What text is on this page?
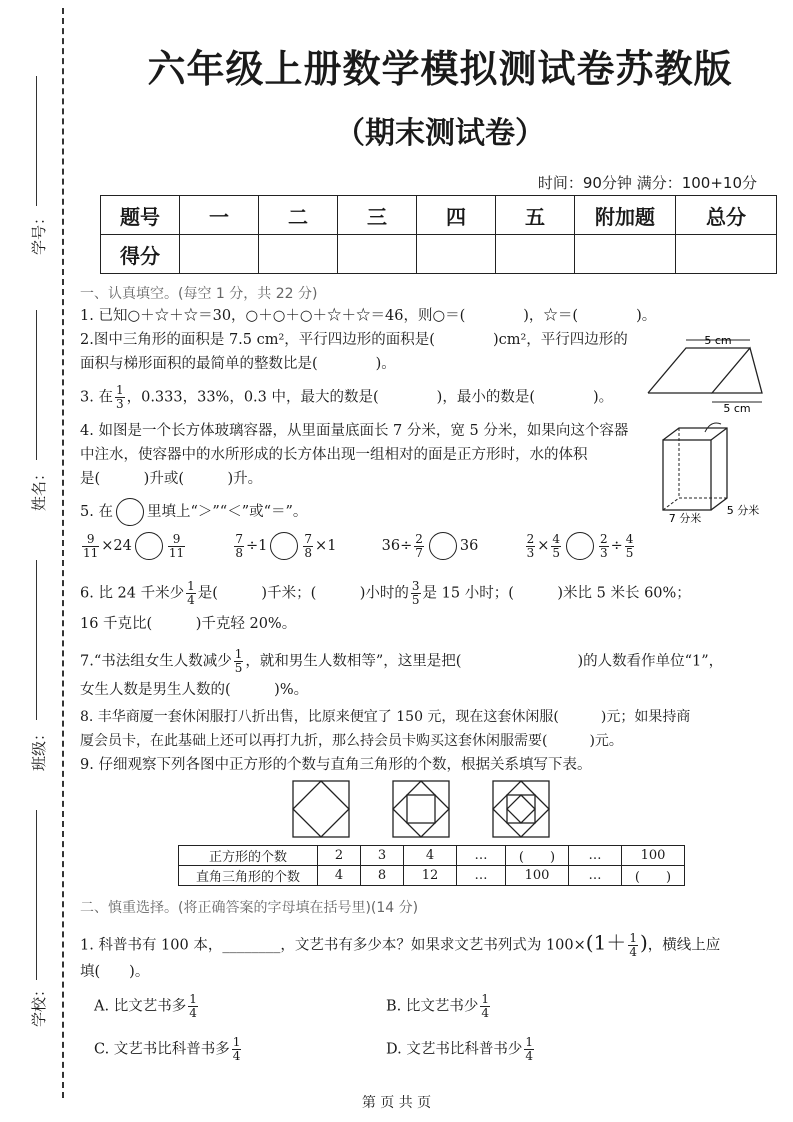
学号：
姓名：
班级：
学校：
六年级上册数学模拟测试卷苏教版
（期末测试卷）
时间：90分钟 满分：100+10分
题号	一	二	三	四	五	附加题	总分
得分							
一、认真填空。(每空 1 分，共 22 分)
1. 已知○＋☆＋☆＝30，○＋○＋○＋☆＋☆＝46，则○＝(　　　　)，☆＝(　　　　)。
2.图中三角形的面积是 7.5 cm²，平行四边形的面积是(　　　　)cm²，平行四边形的
面积与梯形面积的最简单的整数比是(　　　　)。
5 cm
5 cm
3. 在 $\frac{1}{3}$ ，0.333，33%，0.3 中，最大的数是(　　　　)，最小的数是(　　　　)。
4. 如图是一个长方体玻璃容器，从里面量底面长 7 分米，宽 5 分米，如果向这个容器
中注水，使容器中的水所形成的长方体出现一组相对的面是正方形时，水的体积
是(　　　)升或(　　　)升。
7 分米
5 分米
5. 在 里填上“＞”“＜”或“＝”。
$\frac{9}{11} \times 24$	$\frac{9}{11}$
	$\frac{7}{8} \div 1$	$\frac{7}{8} \times 1$	$36\div \frac{2}{7} 36$	$\frac{2}{3} \times \frac{4}{5}$	$\frac{2}{3} \div \frac{4}{5}$
6. 比 24 千米少 $\frac{1}{4}$ 是(　　　)千米；(　　　)小时的 $\frac{3}{5}$ 是 15 小时；(　　　)米比 5 米长 60%；
16 千克比(　　　)千克轻 20%。
7.“书法组女生人数减少 $\frac{1}{5}$ ，就和男生人数相等”，这里是把(　　　　　　　　)的人数看作单位“1”，
女生人数是男生人数的(　　　)%。
8. 丰华商厦一套休闲服打八折出售，比原来便宜了 150 元，现在这套休闲服(　　　)元；如果持商
厦会员卡，在此基础上还可以再打九折，那么持会员卡购买这套休闲服需要(　　　)元。
9. 仔细观察下列各图中正方形的个数与直角三角形的个数，根据关系填写下表。
正方形的个数	2	3	4	…	(　　)	…	100
直角三角形的个数	4	8	12	…	100	…	(　　)
二、慎重选择。(将正确答案的字母填在括号里)(14 分)
1. 科普书有 100 本，________，文艺书有多少本？如果求文艺书列式为 $100\times(1+ \frac{1}{4}$ )，横线上应
填(　　)。
A. 比文艺书多 $\frac{1}{4}$	B. 比文艺书少 $\frac{1}{4}$
C. 文艺书比科普书多 $\frac{1}{4}$	D. 文艺书比科普书少 $\frac{1}{4}$
第 页 共 页
